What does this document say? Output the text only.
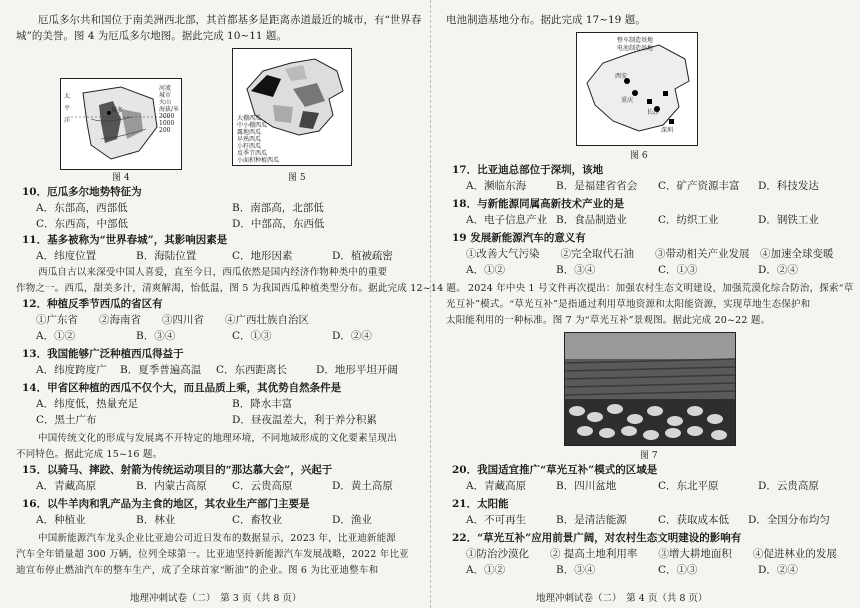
厄瓜多尔共和国位于南美洲西北部，其首都基多是距离赤道最近的城市，有“世界春
城”的美誉。图 4 为厄瓜多尔地图。据此完成 10~11 题。
太
平
洋
基多
河流
城市
火山
海拔/米
3000
1000
200
图 4
大棚西瓜
中小棚西瓜
露地西瓜
早熟西瓜
小籽西瓜
反季节西瓜
小面积种植西瓜
图 5
10．厄瓜多尔地势特征为
A．东部高，西部低	B．南部高，北部低
C．东西高，中部低	D．中部高，东西低
11．基多被称为“世界春城”，其影响因素是
A．纬度位置	B．海陆位置	C．地形因素	D．植被疏密
西瓜自古以来深受中国人喜爱，直至今日，西瓜依然是国内经济作物种类中的重要
作物之一。西瓜，甜美多汁，清爽解渴，怡低温，图 5 为我国西瓜种植类型分布。据此完成 12~14 题。
12．种植反季节西瓜的省区有
①广东省　　②海南省　　③四川省　　④广西壮族自治区
A．①②	B．③④	C．①③	D．②④
13．我国能够广泛种植西瓜得益于
A．纬度跨度广 B．夏季普遍高温 C．东西距离长	D．地形平坦开阔
14．甲省区种植的西瓜不仅个大，而且品质上乘，其优势自然条件是
A．纬度低，热量充足	B．降水丰富
C．黑土广布	D．昼夜温差大，利于养分积累
中国传统文化的形成与发展离不开特定的地理环境，不同地域形成的文化要素呈现出
不同特色。据此完成 15~16 题。
15．以骑马、摔跤、射箭为传统运动项目的“那达慕大会”，兴起于
A．青藏高原	B．内蒙古高原 C．云贵高原	D．黄土高原
16．以牛羊肉和乳产品为主食的地区，其农业生产部门主要是
A．种植业	B．林业	C．畜牧业	D．渔业
中国新能源汽车龙头企业比亚迪公司近日发布的数据显示，2023 年，比亚迪新能源
汽车全年销量超 300 万辆，位列全球第一。比亚迪坚持新能源汽车发展战略，2022 年比亚
迪宣布停止燃油汽车的整车生产，成了全球首家“断油”的企业。图 6 为比亚迪整车和
地理冲刺试卷（二）　第 3 页（共 8 页）
电池制造基地分布。据此完成 17~19 题。
整车制造基地
电池制造基地
西安
深圳
重庆
长沙
图 6
17．比亚迪总部位于深圳，该地
A．濒临东海	B．是福建省省会 C．矿产资源丰富 D．科技发达
18．与新能源同属高新技术产业的是
A．电子信息产业 B．食品制造业	C．纺织工业	D．钢铁工业
19 发展新能源汽车的意义有
①改善大气污染　　②完全取代石油　　③带动相关产业发展　④加速全球变暖
A．①②	B．③④	C．①③	D．②④
2024 年中央 1 号文件再次提出：加强农村生态文明建设，加强荒漠化综合防治，探索“草
光互补”模式。“草光互补”是指通过利用草地资源和太阳能资源，实现草地生态保护和
太阳能利用的一种标准。图 7 为“草光互补”景观图。据此完成 20~22 题。
图 7
20．我国适宜推广“草光互补”模式的区域是
A．青藏高原	B．四川盆地	C．东北平原	D．云贵高原
21．太阳能
A．不可再生	B．是清洁能源	C．获取成本低 D．全国分布均匀
22．“草光互补”应用前景广阔，对农村生态文明建设的影响有
①防治沙漠化　　② 提高土地利用率　　③增大耕地面积　　④促进林业的发展
A．①②	B．③④	C．①③	D．②④
地理冲刺试卷（二）　第 4 页（共 8 页）
